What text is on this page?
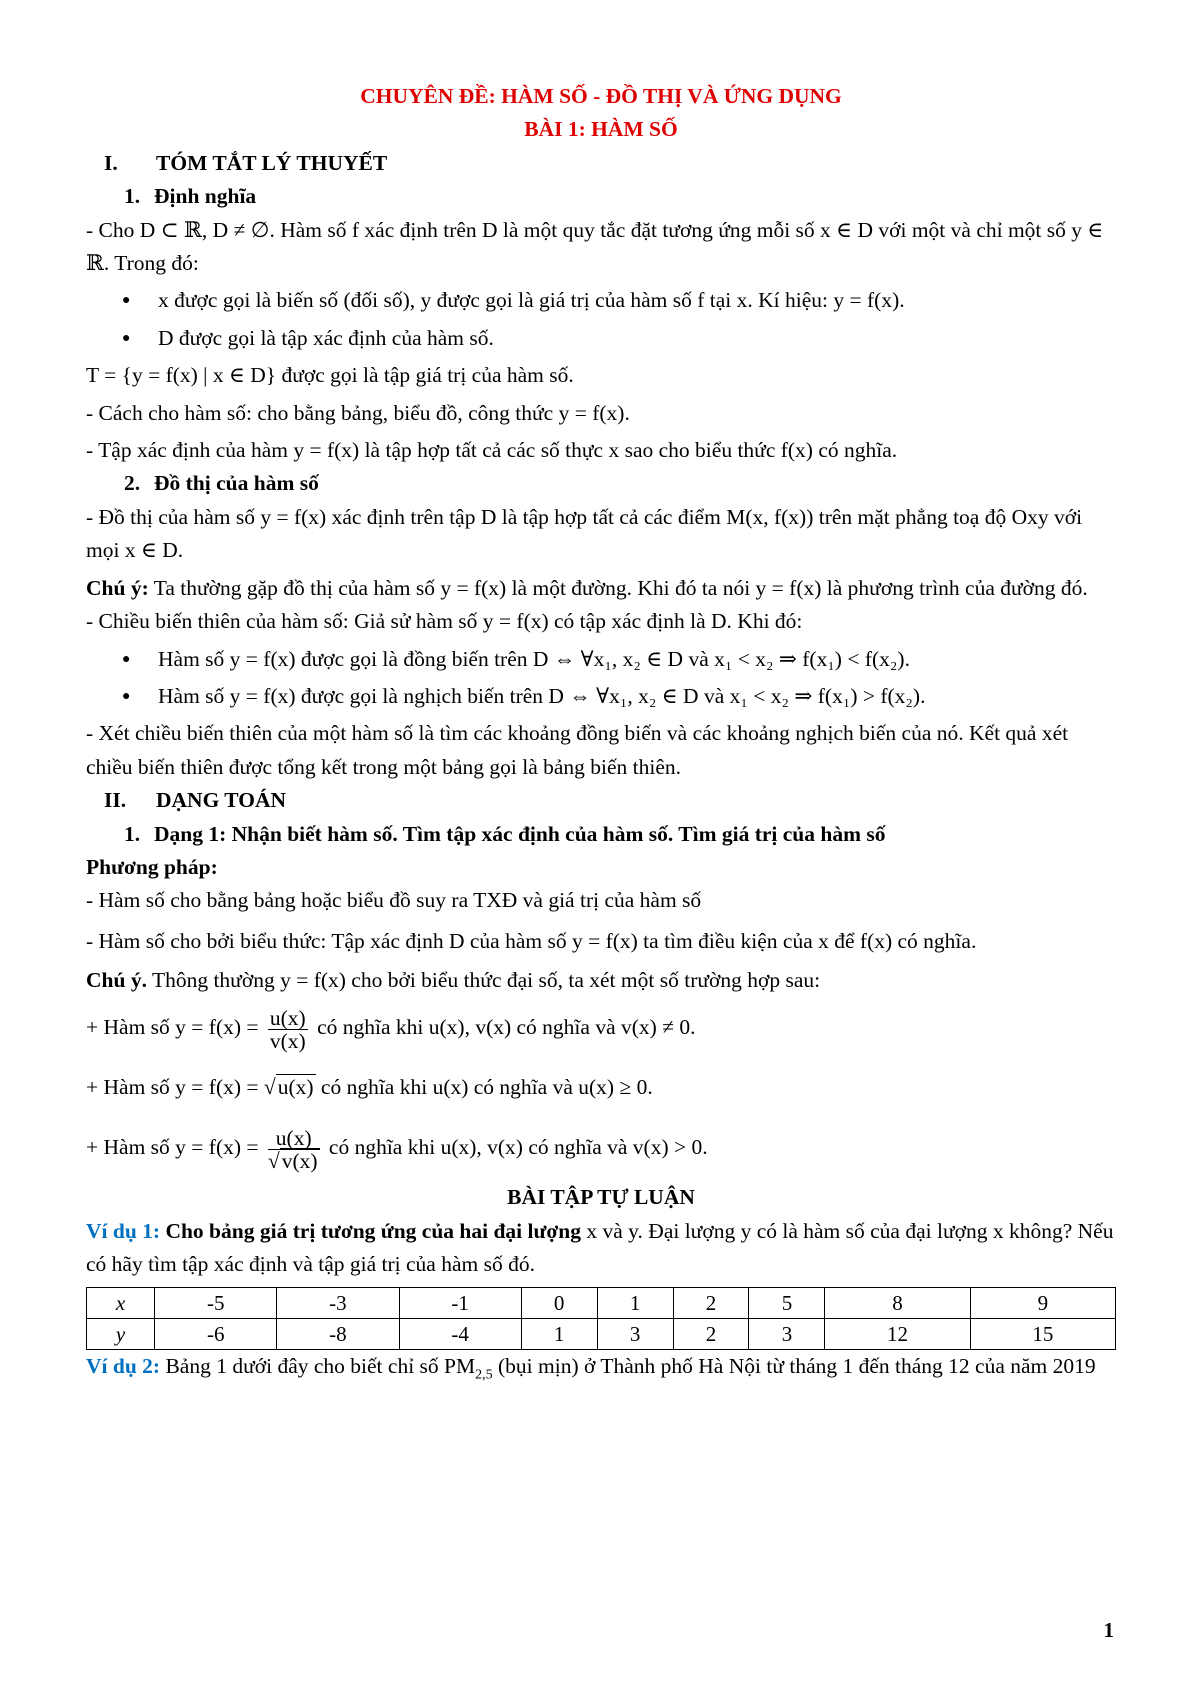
CHUYÊN ĐỀ: HÀM SỐ - ĐỒ THỊ VÀ ỨNG DỤNG

BÀI 1: HÀM SỐ

I. TÓM TẮT LÝ THUYẾT

1. Định nghĩa

- Cho D ⊂ ℝ, D ≠ ∅. Hàm số f xác định trên D là một quy tắc đặt tương ứng mỗi số x ∈ D với một và chỉ một số y ∈ ℝ. Trong đó:

● x được gọi là biến số (đối số), y được gọi là giá trị của hàm số f tại x. Kí hiệu: y = f(x).

● D được gọi là tập xác định của hàm số.

T = {y = f(x) | x ∈ D} được gọi là tập giá trị của hàm số.

- Cách cho hàm số: cho bằng bảng, biểu đồ, công thức y = f(x).

- Tập xác định của hàm y = f(x) là tập hợp tất cả các số thực x sao cho biểu thức f(x) có nghĩa.

2. Đồ thị của hàm số

- Đồ thị của hàm số y = f(x) xác định trên tập D là tập hợp tất cả các điểm M(x, f(x)) trên mặt phẳng toạ độ Oxy với mọi x ∈ D.

Chú ý: Ta thường gặp đồ thị của hàm số y = f(x) là một đường. Khi đó ta nói y = f(x) là phương trình của đường đó.

- Chiều biến thiên của hàm số: Giả sử hàm số y = f(x) có tập xác định là D. Khi đó:

● Hàm số y = f(x) được gọi là đồng biến trên D ⇔ ∀x₁, x₂ ∈ D và x₁ < x₂ ⇒ f(x₁) < f(x₂).

● Hàm số y = f(x) được gọi là nghịch biến trên D ⇔ ∀x₁, x₂ ∈ D và x₁ < x₂ ⇒ f(x₁) > f(x₂).

- Xét chiều biến thiên của một hàm số là tìm các khoảng đồng biến và các khoảng nghịch biến của nó. Kết quả xét chiều biến thiên được tổng kết trong một bảng gọi là bảng biến thiên.

II. DẠNG TOÁN

1. Dạng 1: Nhận biết hàm số. Tìm tập xác định của hàm số. Tìm giá trị của hàm số

Phương pháp:

- Hàm số cho bằng bảng hoặc biểu đồ suy ra TXĐ và giá trị của hàm số

- Hàm số cho bởi biểu thức: Tập xác định D của hàm số y = f(x) ta tìm điều kiện của x để f(x) có nghĩa.

Chú ý. Thông thường y = f(x) cho bởi biểu thức đại số, ta xét một số trường hợp sau:

+ Hàm số $y = f(x) = \frac{u(x)}{v(x)}$ có nghĩa khi u(x), v(x) có nghĩa và v(x) ≠ 0.

+ Hàm số y = f(x) = √u(x) có nghĩa khi u(x) có nghĩa và u(x) ≥ 0.

+ Hàm số $y = f(x) = \frac{u(x)}{√v(x)}$ có nghĩa khi u(x), v(x) có nghĩa và v(x) > 0.

BÀI TẬP TỰ LUẬN

Ví dụ 1: Cho bảng giá trị tương ứng của hai đại lượng x và y. Đại lượng y có là hàm số của đại lượng x không? Nếu có hãy tìm tập xác định và tập giá trị của hàm số đó.

x	-5	-3	-1	0	1	2	5	8	9
y	-6	-8	-4	1	3	2	3	12	15

Ví dụ 2: Bảng 1 dưới đây cho biết chỉ số $PM_{2,5}$ (bụi mịn) ở Thành phố Hà Nội từ tháng 1 đến tháng 12 của năm 2019

1
